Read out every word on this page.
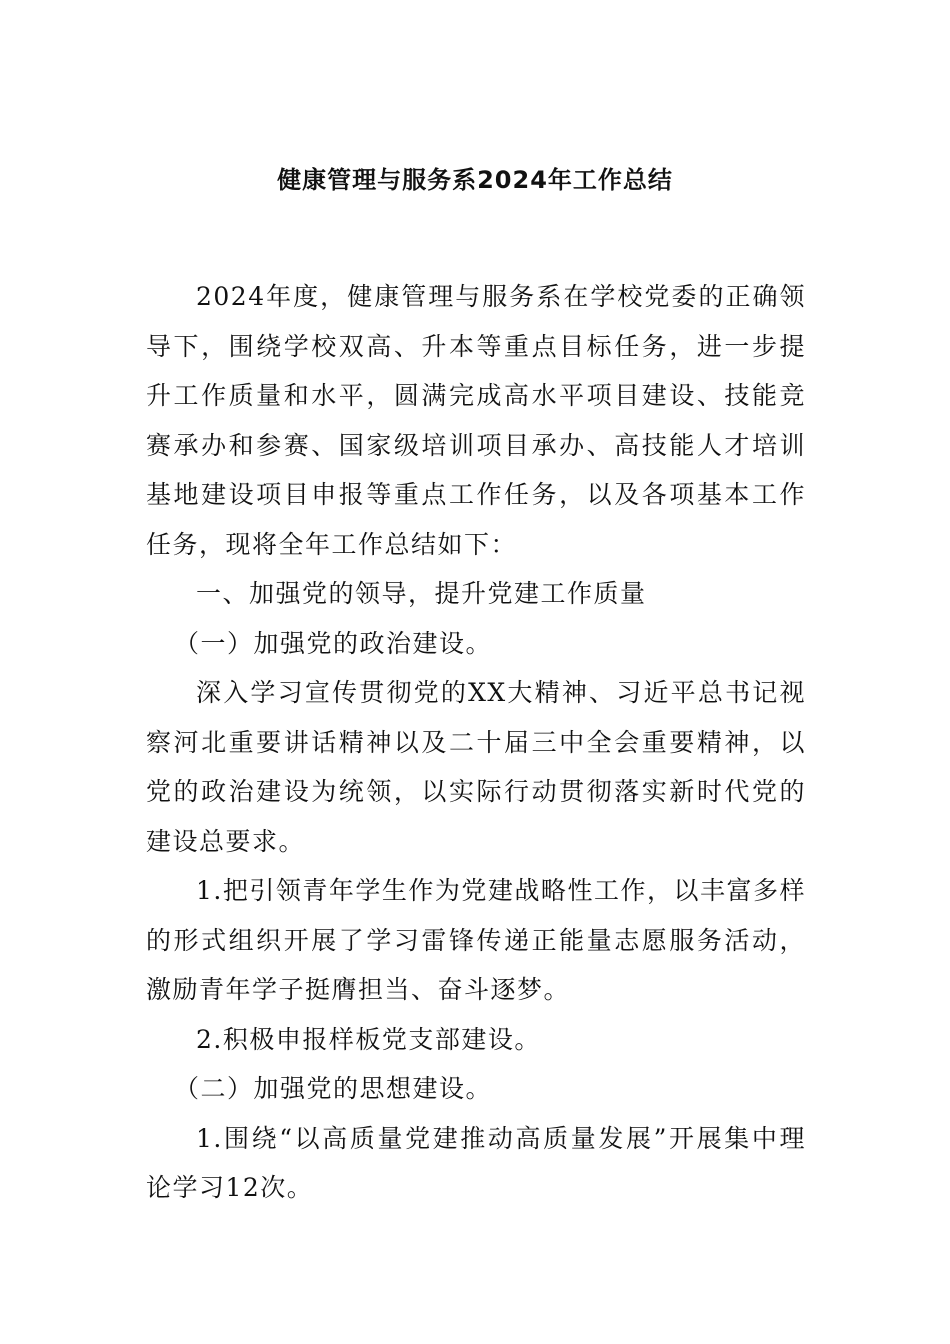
健康管理与服务系2024年工作总结

2024年度，健康管理与服务系在学校党委的正确领导下，围绕学校双高、升本等重点目标任务，进一步提升工作质量和水平，圆满完成高水平项目建设、技能竞赛承办和参赛、国家级培训项目承办、高技能人才培训基地建设项目申报等重点工作任务，以及各项基本工作任务，现将全年工作总结如下：

一、加强党的领导，提升党建工作质量

（一）加强党的政治建设。

深入学习宣传贯彻党的XX大精神、习近平总书记视察河北重要讲话精神以及二十届三中全会重要精神，以党的政治建设为统领，以实际行动贯彻落实新时代党的建设总要求。

1.把引领青年学生作为党建战略性工作，以丰富多样的形式组织开展了学习雷锋传递正能量志愿服务活动，激励青年学子挺膺担当、奋斗逐梦。

2.积极申报样板党支部建设。

（二）加强党的思想建设。

1.围绕“以高质量党建推动高质量发展”开展集中理论学习12次。
